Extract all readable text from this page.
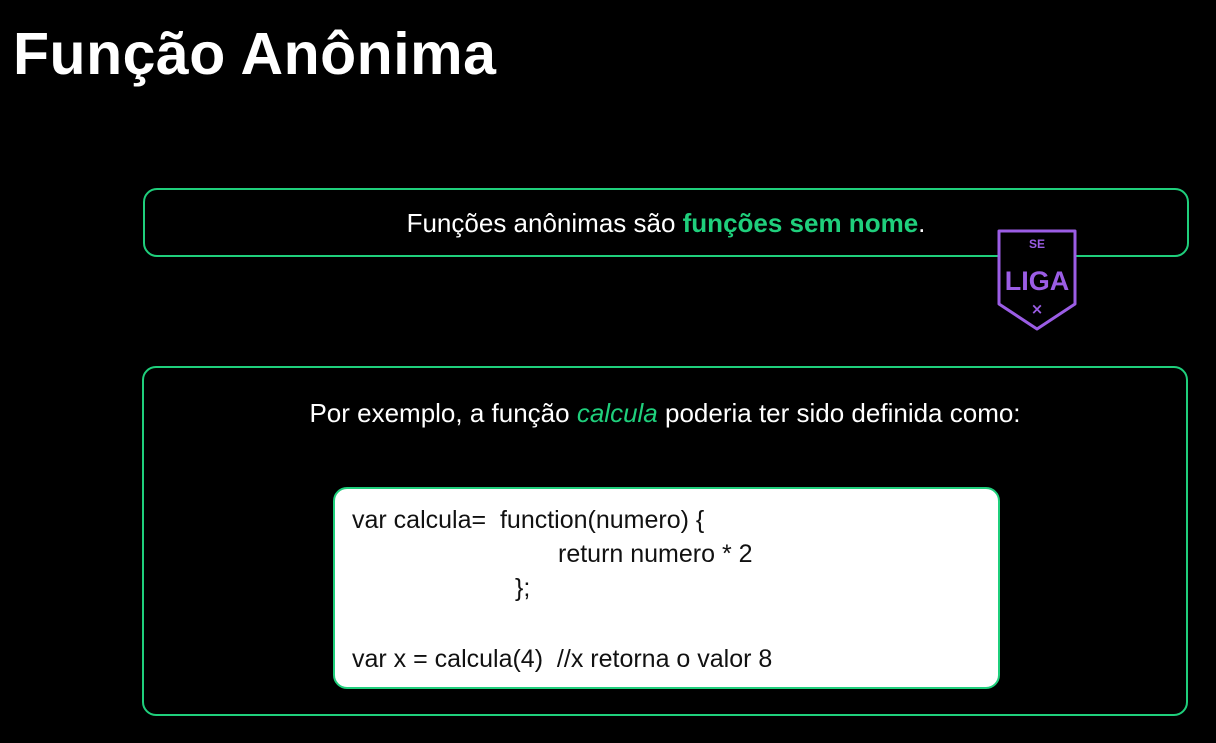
Função Anônima
Funções anônimas são funções sem nome.
SE
LIGA
×
Por exemplo, a função calcula poderia ter sido definida como:
var calcula=  function(numero) {
return numero * 2
};
var x = calcula(4)  //x retorna o valor 8
